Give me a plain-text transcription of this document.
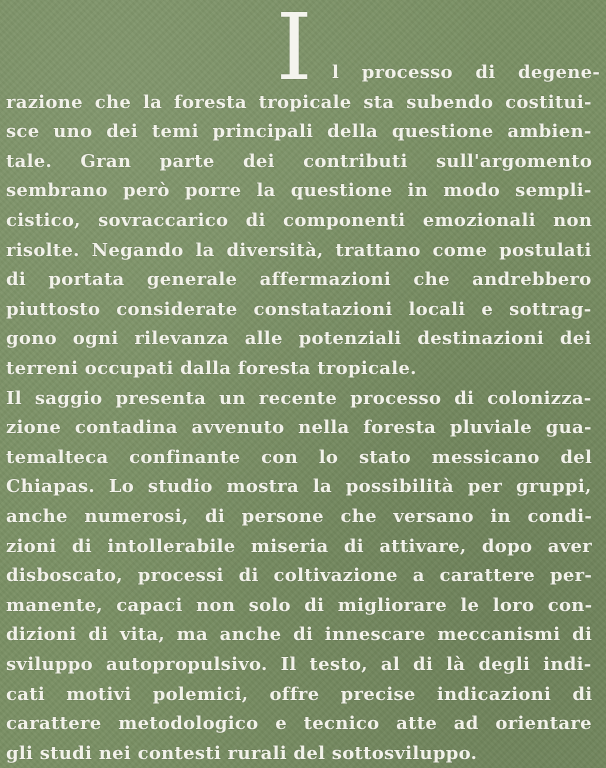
I l processo di degene-
razione che la foresta tropicale sta subendo costitui-
sce uno dei temi principali della questione ambien-
tale. Gran parte dei contributi sull'argomento
sembrano però porre la questione in modo sempli-
cistico, sovraccarico di componenti emozionali non
risolte. Negando la diversità, trattano come postulati
di portata generale affermazioni che andrebbero
piuttosto considerate constatazioni locali e sottrag-
gono ogni rilevanza alle potenziali destinazioni dei
terreni occupati dalla foresta tropicale.
Il saggio presenta un recente processo di colonizza-
zione contadina avvenuto nella foresta pluviale gua-
temalteca confinante con lo stato messicano del
Chiapas. Lo studio mostra la possibilità per gruppi,
anche numerosi, di persone che versano in condi-
zioni di intollerabile miseria di attivare, dopo aver
disboscato, processi di coltivazione a carattere per-
manente, capaci non solo di migliorare le loro con-
dizioni di vita, ma anche di innescare meccanismi di
sviluppo autopropulsivo. Il testo, al di là degli indi-
cati motivi polemici, offre precise indicazioni di
carattere metodologico e tecnico atte ad orientare
gli studi nei contesti rurali del sottosviluppo.
